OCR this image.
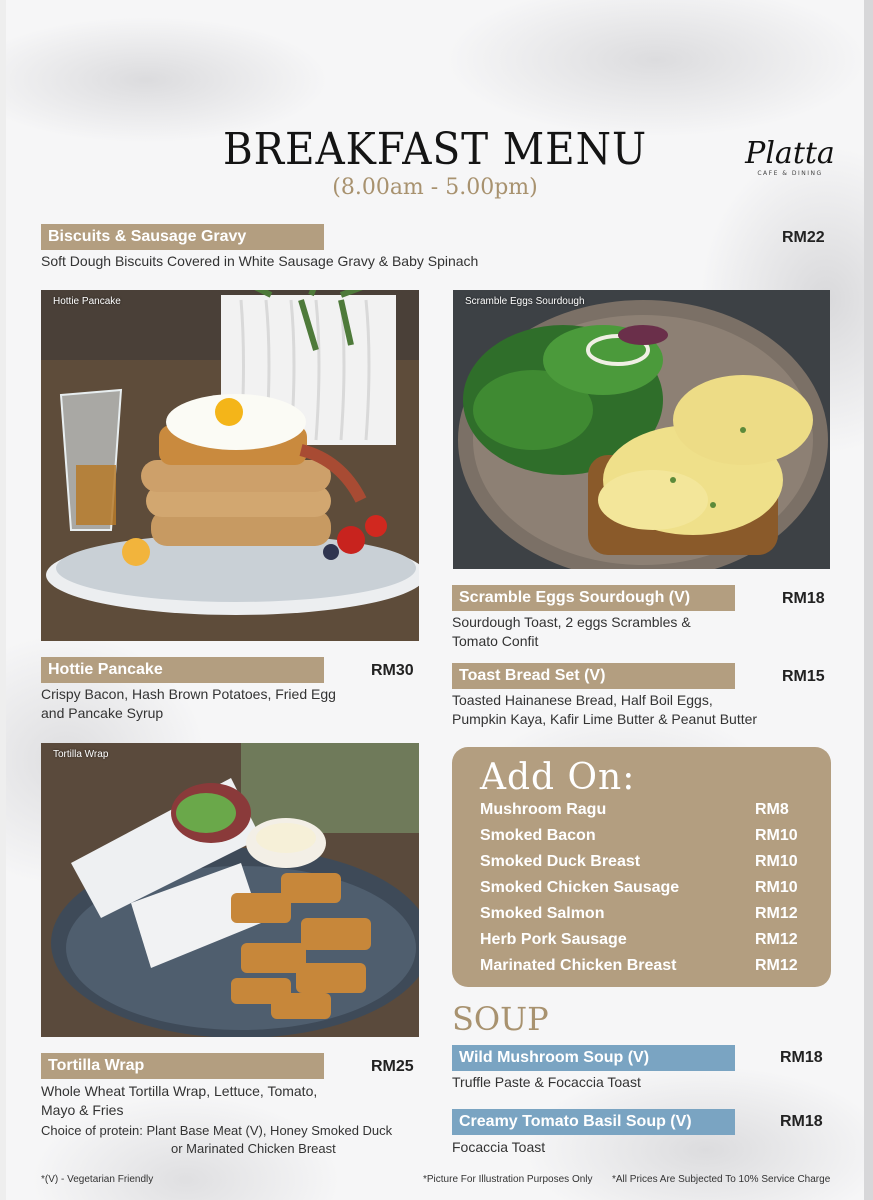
BREAKFAST MENU
(8.00am - 5.00pm)
Platta
CAFE & DINING
Biscuits & Sausage Gravy	RM22
Soft Dough Biscuits Covered in White Sausage Gravy & Baby Spinach
Hottie Pancake	Scramble Eggs Sourdough
Hottie Pancake	RM30
Crispy Bacon, Hash Brown Potatoes, Fried Egg
and Pancake Syrup
Scramble Eggs Sourdough (V)	RM18
Sourdough Toast, 2 eggs Scrambles &
Tomato Confit
Toast Bread Set (V)	RM15
Toasted Hainanese Bread, Half Boil Eggs,
Pumpkin Kaya, Kafir Lime Butter & Peanut Butter
Tortilla Wrap
Add On:
Mushroom Ragu	RM8
Smoked Bacon	RM10
Smoked Duck Breast	RM10
Smoked Chicken Sausage	RM10
Smoked Salmon	RM12
Herb Pork Sausage	RM12
Marinated Chicken Breast	RM12
SOUP
Wild Mushroom Soup (V)	RM18
Truffle Paste & Focaccia Toast
Creamy Tomato Basil Soup (V)	RM18
Focaccia Toast
Tortilla Wrap	RM25
Whole Wheat Tortilla Wrap, Lettuce, Tomato,
Mayo & Fries
Choice of protein: Plant Base Meat (V), Honey Smoked Duck
or Marinated Chicken Breast
*(V) - Vegetarian Friendly	*Picture For Illustration Purposes Only *All Prices Are Subjected To 10% Service Charge
